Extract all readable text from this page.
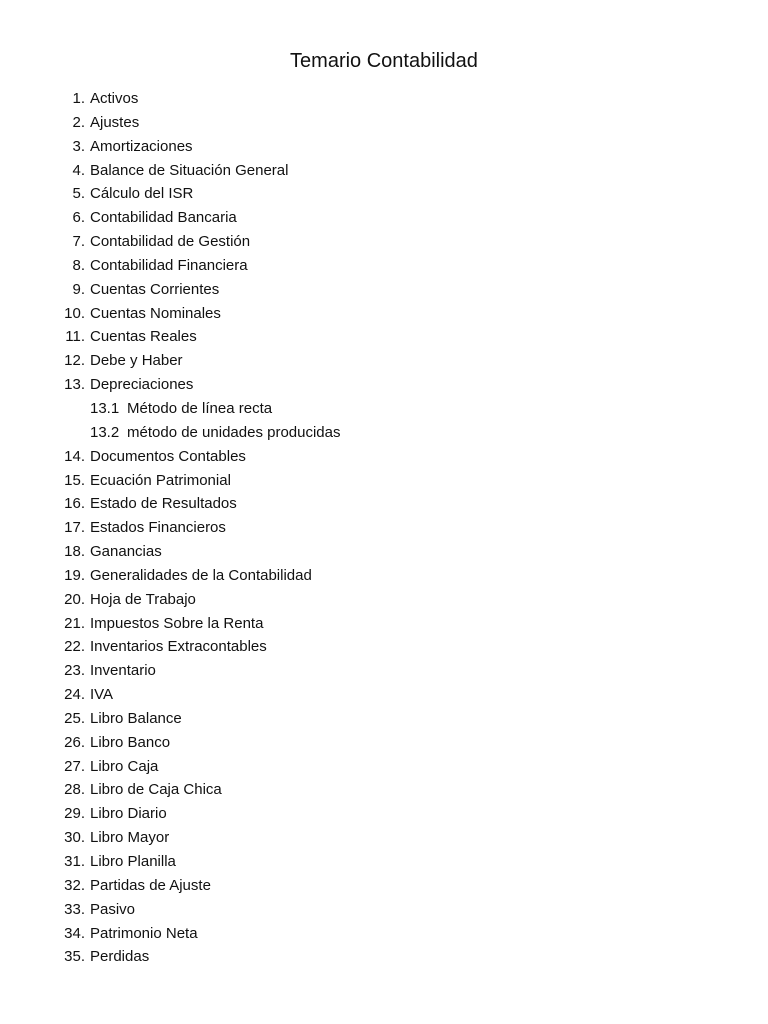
Temario Contabilidad
1. Activos
2. Ajustes
3. Amortizaciones
4. Balance de Situación General
5. Cálculo del ISR
6. Contabilidad Bancaria
7. Contabilidad de Gestión
8. Contabilidad Financiera
9. Cuentas Corrientes
10. Cuentas Nominales
11. Cuentas Reales
12. Debe y Haber
13. Depreciaciones
13.1 Método de línea recta
13.2 método de unidades producidas
14. Documentos Contables
15. Ecuación Patrimonial
16. Estado de Resultados
17. Estados Financieros
18. Ganancias
19. Generalidades de la Contabilidad
20. Hoja de Trabajo
21. Impuestos Sobre la Renta
22. Inventarios Extracontables
23. Inventario
24. IVA
25. Libro Balance
26. Libro Banco
27. Libro Caja
28. Libro de Caja Chica
29. Libro Diario
30. Libro Mayor
31. Libro Planilla
32. Partidas de Ajuste
33. Pasivo
34. Patrimonio Neta
35. Perdidas
